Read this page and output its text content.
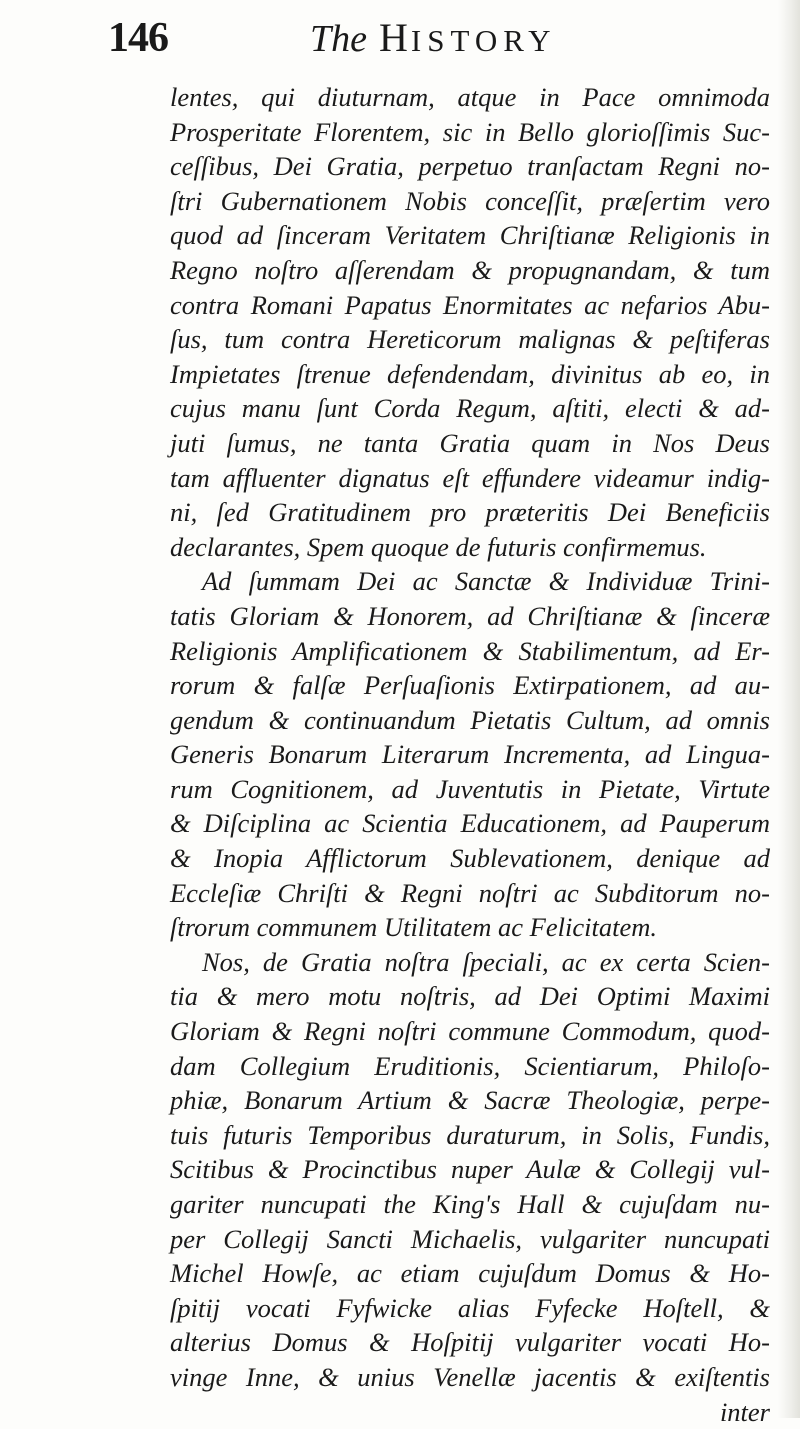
146	The HISTORY
lentes, qui diuturnam, atque in Pace omnimoda
Prosperitate Florentem, sic in Bello glorioſſimis Suc-
ceſſibus, Dei Gratia, perpetuo tranſactam Regni no-
ſtri Gubernationem Nobis conceſſit, præſertim vero
quod ad ſinceram Veritatem Chriſtianæ Religionis in
Regno noſtro aſſerendam & propugnandam, & tum
contra Romani Papatus Enormitates ac nefarios Abu-
ſus, tum contra Hereticorum malignas & peſtiferas
Impietates ſtrenue defendendam, divinitus ab eo, in
cujus manu ſunt Corda Regum, aſtiti, electi & ad-
juti ſumus, ne tanta Gratia quam in Nos Deus
tam affluenter dignatus eſt effundere videamur indig-
ni, ſed Gratitudinem pro præteritis Dei Beneficiis
declarantes, Spem quoque de futuris confirmemus.
Ad ſummam Dei ac Sanctæ & Individuæ Trini-
tatis Gloriam & Honorem, ad Chriſtianæ & ſinceræ
Religionis Amplificationem & Stabilimentum, ad Er-
rorum & falſæ Perſuaſionis Extirpationem, ad au-
gendum & continuandum Pietatis Cultum, ad omnis
Generis Bonarum Literarum Incrementa, ad Lingua-
rum Cognitionem, ad Juventutis in Pietate, Virtute
& Diſciplina ac Scientia Educationem, ad Pauperum
& Inopia Afflictorum Sublevationem, denique ad
Eccleſiæ Chriſti & Regni noſtri ac Subditorum no-
ſtrorum communem Utilitatem ac Felicitatem.
Nos, de Gratia noſtra ſpeciali, ac ex certa Scien-
tia & mero motu noſtris, ad Dei Optimi Maximi
Gloriam & Regni noſtri commune Commodum, quod-
dam Collegium Eruditionis, Scientiarum, Philoſo-
phiæ, Bonarum Artium & Sacræ Theologiæ, perpe-
tuis futuris Temporibus duraturum, in Solis, Fundis,
Scitibus & Procinctibus nuper Aulæ & Collegij vul-
gariter nuncupati the King's Hall & cujuſdam nu-
per Collegij Sancti Michaelis, vulgariter nuncupati
Michel Howſe, ac etiam cujuſdum Domus & Ho-
ſpitij vocati Fyfwicke alias Fyfecke Hoſtell, &
alterius Domus & Hoſpitij vulgariter vocati Ho-
vinge Inne, & unius Venellæ jacentis & exiſtentis
inter
